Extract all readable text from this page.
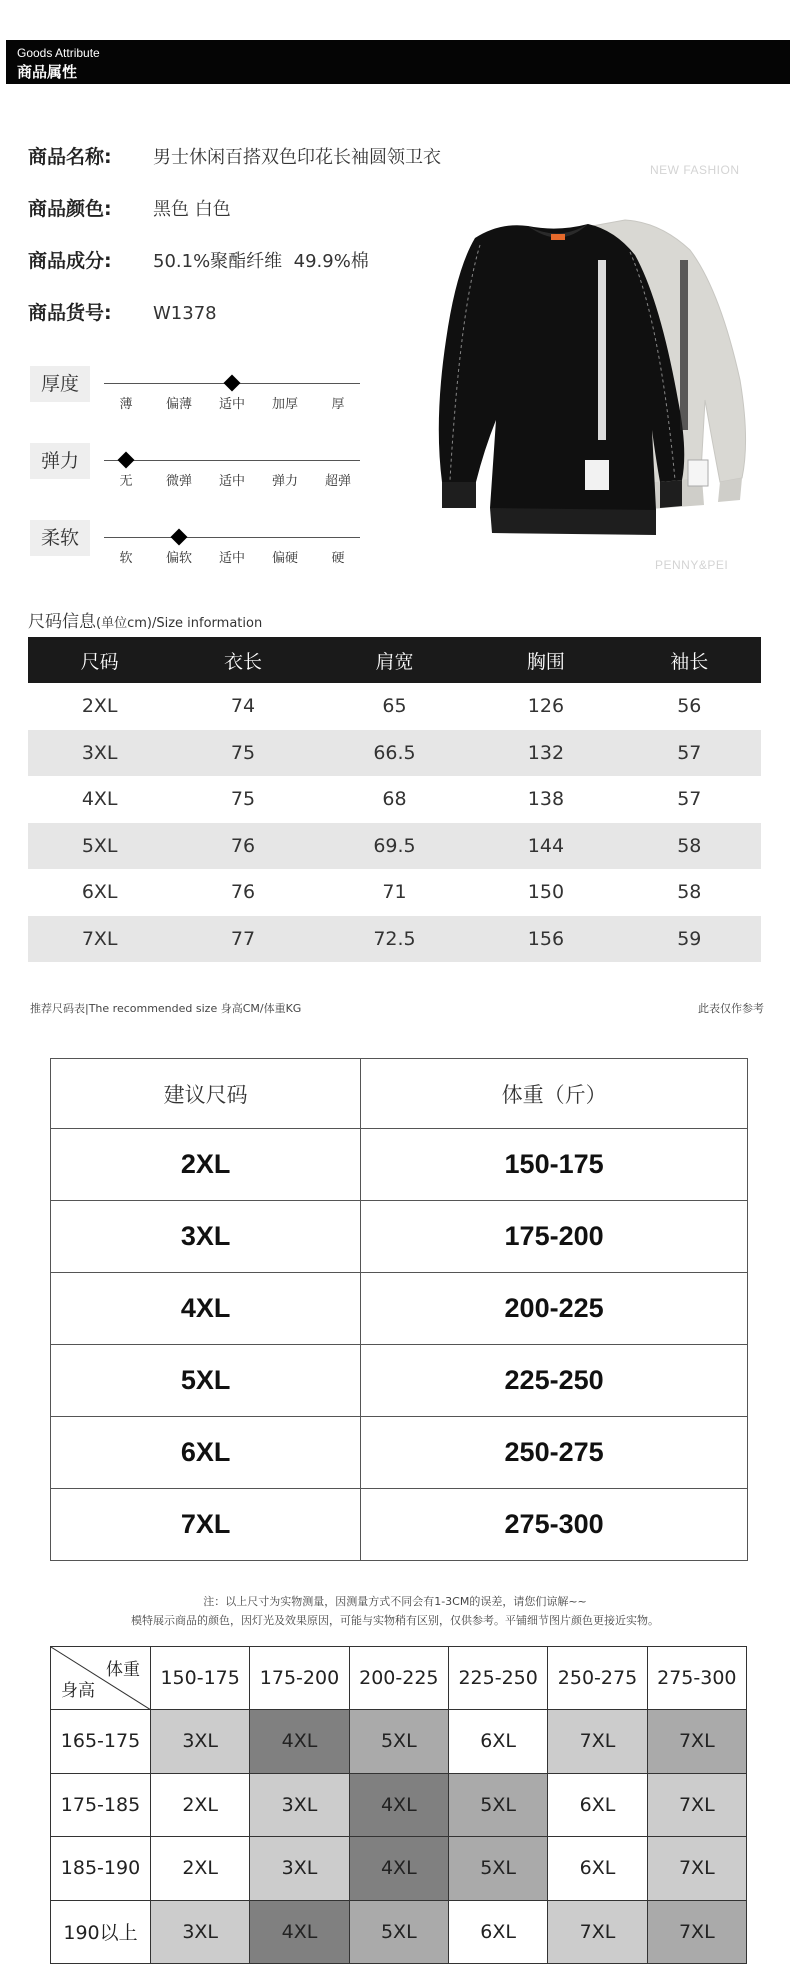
Goods Attribute
商品属性
商品名称: 男士休闲百搭双色印花长袖圆领卫衣
商品颜色: 黑色 白色
商品成分: 50.1%聚酯纤维  49.9%棉
商品货号: W1378
厚度
薄	偏薄	适中	加厚	厚
弹力
无	微弹	适中	弹力	超弹
柔软
软	偏软	适中	偏硬	硬
NEW FASHION
PENNY&PEI
尺码信息(单位cm)/Size information
尺码	衣长	肩宽	胸围	袖长
2XL	74	65	126	56
3XL	75	66.5	132	57
4XL	75	68	138	57
5XL	76	69.5	144	58
6XL	76	71	150	58
7XL	77	72.5	156	59
推荐尺码表|The recommended size 身高CM/体重KG	此表仅作参考
建议尺码	体重（斤）
2XL	150-175
3XL	175-200
4XL	200-225
5XL	225-250
6XL	250-275
7XL	275-300
注：以上尺寸为实物测量，因测量方式不同会有1-3CM的误差，请您们谅解~~
模特展示商品的颜色，因灯光及效果原因，可能与实物稍有区别，仅供参考。平铺细节图片颜色更接近实物。
体重
身高	150-175	175-200	200-225	225-250	250-275	275-300
165-175	3XL	4XL	5XL	6XL	7XL	7XL
175-185	2XL	3XL	4XL	5XL	6XL	7XL
185-190	2XL	3XL	4XL	5XL	6XL	7XL
190以上	3XL	4XL	5XL	6XL	7XL	7XL
